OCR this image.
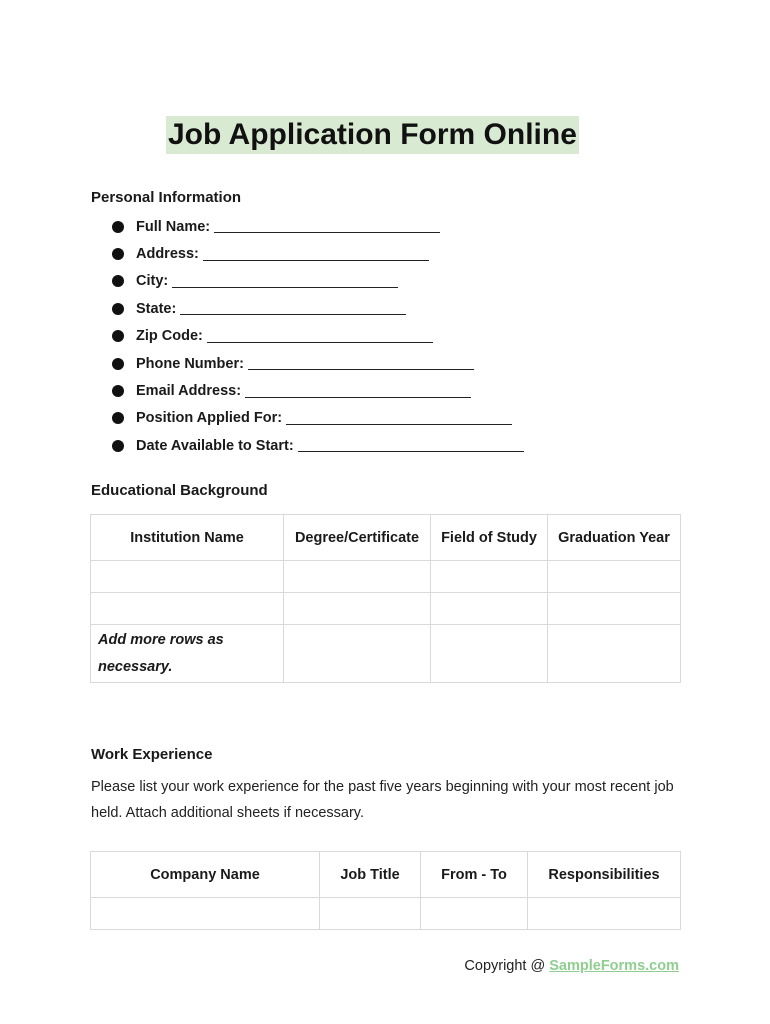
Job Application Form Online
Personal Information
Full Name:
Address:
City:
State:
Zip Code:
Phone Number:
Email Address:
Position Applied For:
Date Available to Start:
Educational Background
Institution Name	Degree/Certificate	Field of Study	Graduation Year

Add more rows as necessary.			
Work Experience

Please list your work experience for the past five years beginning with your most recent job held. Attach additional sheets if necessary.

Company Name	Job Title	From - To	Responsibilities

Copyright @ SampleForms.com
